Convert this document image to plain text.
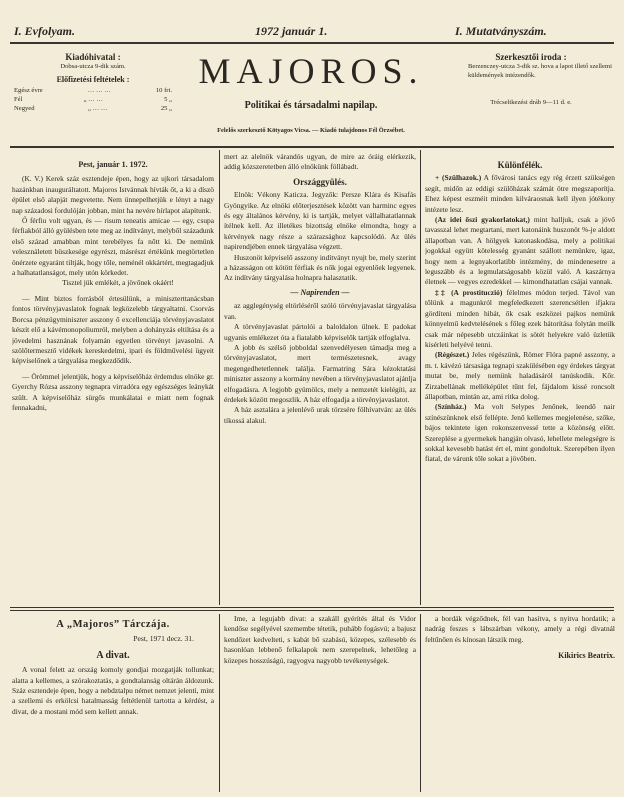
I. Evfolyam.	1972 január 1.	I. Mutatványszám.
Kiadóhivatal :
Dobsa-utcza 9-dik szám.
Előfizetési feltételek :
Egész évre	… … …	10 frt.
Fél	„ … …	5 „
Negyed	„ … …	25 „
MAJOROS.
Politikai és társadalmi napilap.
Felelős szerkesztő Kötyagos Vicsa. — Kiadó tulajdonos Fél Örzsébet.
Szerkesztői iroda :
Berzenczey-utcza 3-dik sz. hova a lapot illető szellemi küldemények intézendők.
Trécseltkezési dráb 9—11 d. e.
Pest, január 1. 1972.

(K. V.) Kerek száz esztendeje épen, hogy az ujkori társadalom hazánkban inauguráltatott. Majoros Istvánnak hívták őt, a ki a díszö épület első alapját megvetette. Nem ünnepelhetjük e lényt a nagy nap századosi fordulóján jobban, mint ha nevére hírlapot alapítunk.

Ő férfiu volt ugyan, és — risum teneatis amicae — egy, csupa férfiakból álló gyülésben tete meg az indítványt, melyből századunk első század amabban mint terebélyes fa nőtt ki. De nemünk velesználetett büszkesége egyrészt, másrészt értékünk megtörtetlen önérzete egyaránt tiltják, hogy tőle, neménél okkártért, megtagadjuk a halhatatlanságot, mely utón körkedet.

Tisztel jük emlékét, a jövőnek okáért!

— Mint biztos forrásból értesülünk, a miniszterttanácsban fontos törvényjavaslatok fognak legközelebb tárgyaltatni. Csorvás Borcsa pénzügyminiszter asszony ő excellenciája törvényjavaslatot készít elő a kávémonopoliumról, melyben a dohányzás eltiltása és a jövedelmi hasznának folyamán egyetlen törvényt javasolni. A szölőtermesztő vidékek kereskedelmi, ipari és földművelési ügyeit képviselőnek a tárgyalása megkezdődik.

— Örömmel jelentjük, hogy a képviselőház érdemdus elnöke gr. Gyerchy Rózsa asszony tegnapra virradóra egy egészséges leánykát szült. A képviselőház sürgős munkálatai e miatt nem fognak fennakadni,

mert az alelnök várandós ugyan, de mire az óráig elérkezik, addig közszeretetben álló elnökünk föllábadt.

Országgyülés.

Elnök: Vékony Katicza. Jegyzők: Persze Klára és Kisafás Gyöngyike. Az elnöki előterjesztések között van harminc egyes és egy általános kérvény, ki is tartják, melyet vállalhatatlannak ítélnek kell. Az illetékes bizottság elnöke elmondta, hogy a kérvények nagy része a szárazsághoz kapcsolódó. Az ülés napirendjében ennek tárgyalása végzett.

Huszonöt képviselő asszony indítványt nyujt be, mely szerint a házasságon ott kötött férfiak és nők jogai egyenlőek legyenek. Az indítvány tárgyalása holnapra halasztatik.

— Napirenden —

az agglegénység eltörléséről szóló törvényjavaslat tárgyalása van.

A törvényjavaslat pártolói a baloldalon ülnek. E padokat ugyanis emlékezet óta a fiatalabb képviselők tartják elfoglalva.

A jobb és szélső jobboldal szenvedélyesen támadja meg a törvényjavaslatot, mert természetesnek, avagy megengedhetetlennek találja. Farmatring Sára kézoktatási miniszter asszony a kormány nevében a törvényjavaslatot ajánlja elfogadásra. A legjobb gyümölcs, mely a nemzetét kielégíti, az érdekek között megoszlik. A ház elfogadja a törvényjavaslatot.

A ház asztalára a jelenlévő urak törzsére fölhívatván: az ülés tíkossá alakul.

Különfélék.

+ (Szülhazok.) A fővárosi tanács egy rég érzett szükségen segít, midőn az eddigi szülőházak számát ötre megszaporítja. Ehez képest eszméit minden kilváraosnak kell ilyen jótékony intézete lesz.

(Az idei őszi gyakorlatokat,) mint halljuk, csak a jövő tavasszal lehet megtartani, mert katonáink huszonöt %-je aldott állapotban van. A hölgyek katonaskodása, mely a politikai jogokkal együtt kötelesség gyanánt szállott nemünkre, igaz, hogy nem a legnyakorlatibb intézmény, de mindenesetre a leguszább és a legmulatságosabb közül való. A kaszárnya életnek — vegyes ezredekkel — kimondhatatlan csájai vannak.

‡‡ (A prostituczió) félelmes módon terjed. Távol van tőlünk a magunkról megfeledkezett szerencsétlen ifjakra gördíteni minden hibát, ők csak eszközei pajkos nemünk könnyelmű kedvtelésének s főleg ezek bátorítása folytán meilk csak már népesebb utczáinkat is sötét helyekre való üzletük kisérleti helyévé tenni.

(Régészet.) Jeles régészünk, Römer Flóra papné asszony, a m. t. kávézó társasága tegnapi szakülésében egy érdekes tárgyat mutat be, mely nemünk haladásáról tanúskodik. Kőr. Zirzabellának melléképület tűnt fel, fájdalom kissé roncsolt állapotban, mintán az, ami ritka dolog.

(Színház.) Ma volt Selypes Jenőnek, leendő nair színészünknek első fellépte. Jenő kellemes megjelenése, szőke, bájos tekintete igen rokonszenvessé tette a közönség előtt. Szereplése a gyermekek hangján olvasó, lehellete melegségre is sokkal kevesebb hatást ért el, mint gondoltuk. Szerepében ilyen fiatal, de várunk tőle sokat a jövőben.

A „Majoros” Tárczája.
Pest, 1971 decz. 31.
A divat.

A vonal felett az ország komoly gondjai mozgatják tollunkat; alatta a kellemes, a szórakoztatás, a gondtalanság oltárán áldozunk. Száz esztendeje épen, hogy a nebdztalpu német nemzet jelenti, mint a szellemi és erkölcsi hatalmasság feltétlenül tartotta a kérdést, a divat, de a mostani mód sem kellett annak.

Ime, a legujabb divat: a szakáll gyérítés által és Vidor kendőse segélyével szemembe tétetik, puhább fogásvú; a bajusz kendőzet kedvelteti, s kabát bő szabású, közepes, szélesebb és hasonlóan lebbenő felkalapok nem szerepelnek, lehetőleg a közepes hosszúságú, ragyogva nagyobb tevékenységek.

a bordák végződnek, fél van hasítva, s nyitva hordatik; a nadrág feszes s lábszárban vékony, amely a régi divatnál feltűnően és kínosan látszik meg.

Kikirics Beatrix.
